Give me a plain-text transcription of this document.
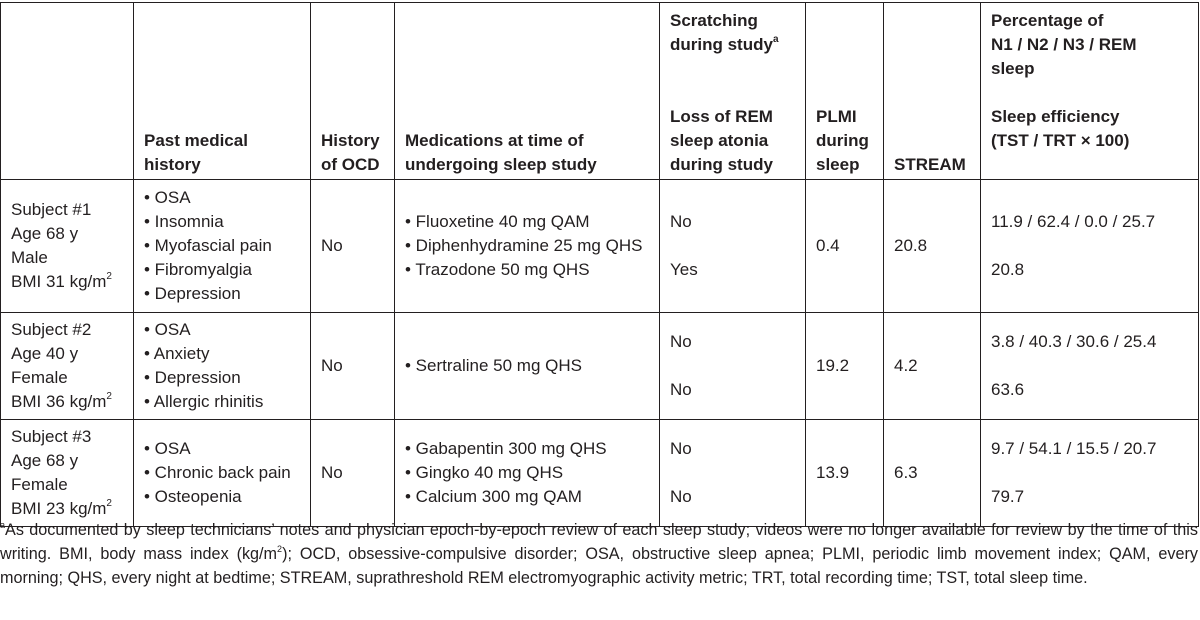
	Past medical
history	History
of OCD	Medications at time of
undergoing sleep study	Scratching during study$^a$
Loss of REM
sleep atonia
during study	PLMI
during
sleep	STREAM	Percentage of
N1 / N2 / N3 / REM
sleep
Sleep efficiency
(TST / TRT × 100)

Subject #1
Age 68 y
Male
BMI 31 $kg/m^2$	• OSA
• Insomnia
• Myofascial pain
• Fibromyalgia
• Depression	No	• Fluoxetine 40 mg QAM
• Diphenhydramine 25 mg QHS
• Trazodone 50 mg QHS	No
Yes	0.4	20.8	11.9 / 62.4 / 0.0 / 25.7
20.8

Subject #2
Age 40 y
Female
BMI 36 $kg/m^2$	• OSA
• Anxiety
• Depression
• Allergic rhinitis	No	• Sertraline 50 mg QHS	No
No	19.2	4.2	3.8 / 40.3 / 30.6 / 25.4
63.6

Subject #3
Age 68 y
Female
BMI 23 $kg/m^2$	• OSA
• Chronic back pain
• Osteopenia	No	• Gabapentin 300 mg QHS
• Gingko 40 mg QHS
• Calcium 300 mg QAM	No
No	13.9	6.3	9.7 / 54.1 / 15.5 / 20.7
79.7
$^a$As documented by sleep technicians’ notes and physician epoch-by-epoch review of each sleep study; videos were no longer available for review by the time of this writing. BMI, body mass index $(kg/m^2)$; OCD, obsessive-compulsive disorder; OSA, obstructive sleep apnea; PLMI, periodic limb movement index; QAM, every morning; QHS, every night at bedtime; STREAM, suprathreshold REM electromyographic activity metric; TRT, total recording time; TST, total sleep time.
